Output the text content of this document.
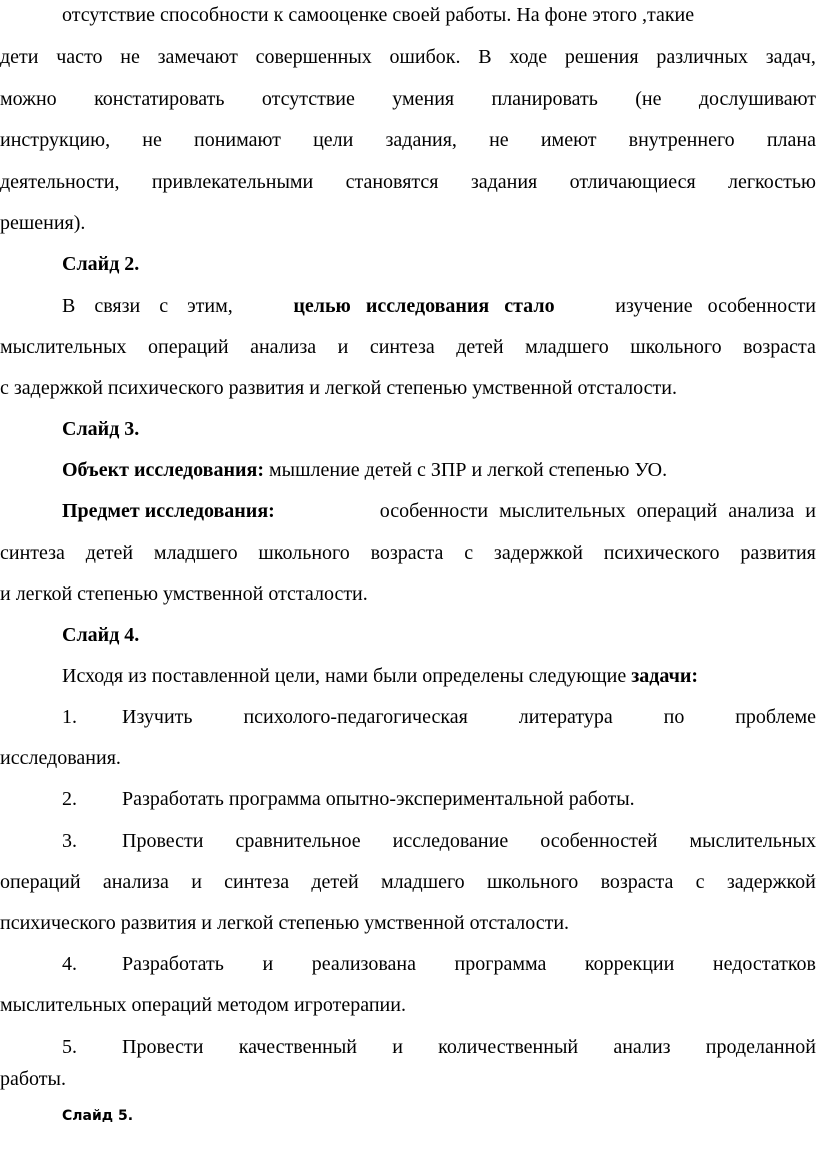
отсутствие способности к самооценке своей работы. На фоне этого ,такие
дети часто не замечают совершенных ошибок. В ходе решения различных задач,
можно констатировать отсутствие умения планировать (не дослушивают
инструкцию, не понимают цели задания, не имеют внутреннего плана
деятельности, привлекательными становятся задания отличающиеся легкостью
решения).
Слайд 2.
В связи с этим,	целью исследования стало	изучение особенности
мыслительных операций анализа и синтеза детей младшего школьного возраста
с задержкой психического развития и легкой степенью умственной отсталости.
Слайд 3.
Объект исследования: мышление детей с ЗПР и легкой степенью УО.
Предмет исследования:	особенности мыслительных операций анализа и
синтеза детей младшего школьного возраста с задержкой психического развития
и легкой степенью умственной отсталости.
Слайд 4.
Исходя из поставленной цели, нами были определены следующие задачи:
1.	Изучить	психолого-педагогическая	литература	по	проблеме
исследования.
2. Разработать программа опытно-экспериментальной работы.
3.	Провести сравнительное исследование особенностей мыслительных
операций анализа и синтеза детей младшего школьного возраста с задержкой
психического развития и легкой степенью умственной отсталости.
4.	Разработать и реализована программа коррекции недостатков
мыслительных операций методом игротерапии.
5.	Провести качественный и количественный анализ проделанной
работы.
Слайд 5.
